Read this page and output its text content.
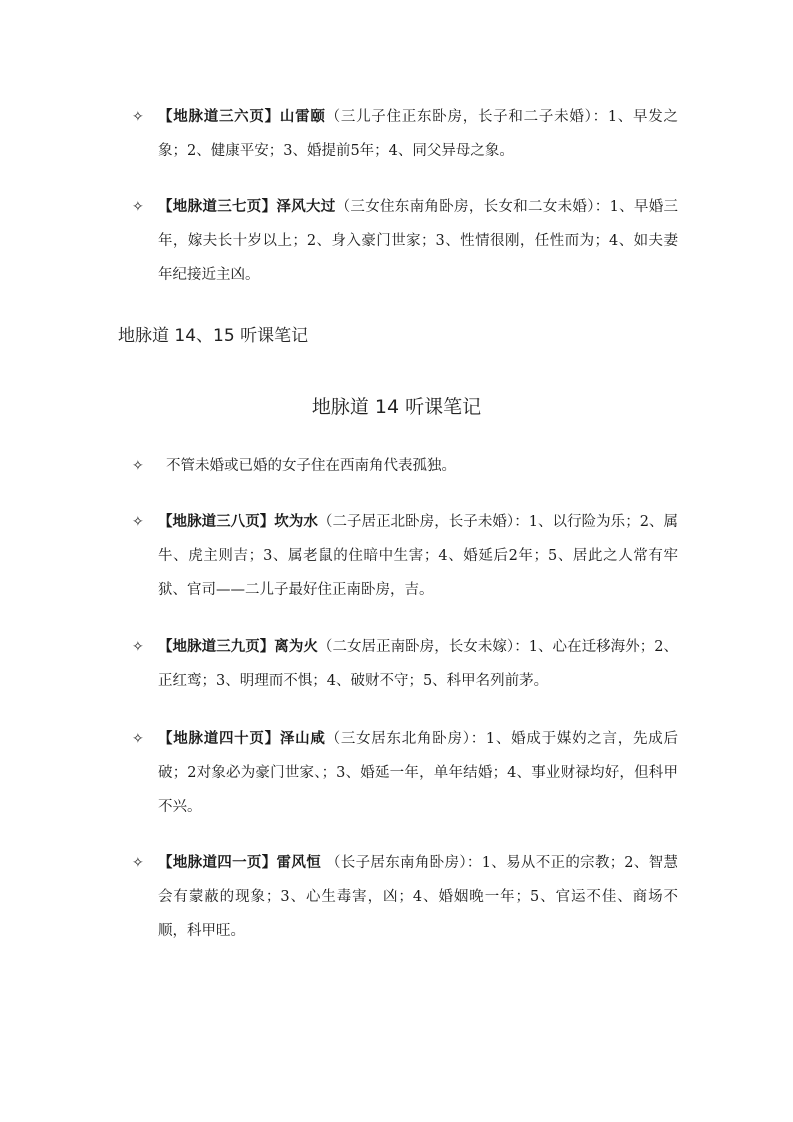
✧ 【地脉道三六页】山雷颐（三儿子住正东卧房，长子和二子未婚）：1、早发之象；2、健康平安；3、婚提前5年；4、同父异母之象。
✧ 【地脉道三七页】泽风大过（三女住东南角卧房，长女和二女未婚）：1、早婚三年，嫁夫长十岁以上；2、身入豪门世家；3、性情很刚，任性而为；4、如夫妻年纪接近主凶。
地脉道 14、15 听课笔记
地脉道 14 听课笔记
✧	不管未婚或已婚的女子住在西南角代表孤独。
✧ 【地脉道三八页】坎为水（二子居正北卧房，长子未婚）：1、以行险为乐；2、属牛、虎主则吉；3、属老鼠的住暗中生害；4、婚延后2年；5、居此之人常有牢狱、官司——二儿子最好住正南卧房，吉。
✧ 【地脉道三九页】离为火（二女居正南卧房，长女未嫁）：1、心在迁移海外；2、正红鸾；3、明理而不惧；4、破财不守；5、科甲名列前茅。
✧ 【地脉道四十页】泽山咸（三女居东北角卧房）：1、婚成于媒妁之言，先成后破；2对象必为豪门世家、；3、婚延一年，单年结婚；4、事业财禄均好，但科甲不兴。
✧ 【地脉道四一页】雷风恒 （长子居东南角卧房）：1、易从不正的宗教；2、智慧会有蒙蔽的现象；3、心生毒害，凶；4、婚姻晚一年；5、官运不佳、商场不顺，科甲旺。
